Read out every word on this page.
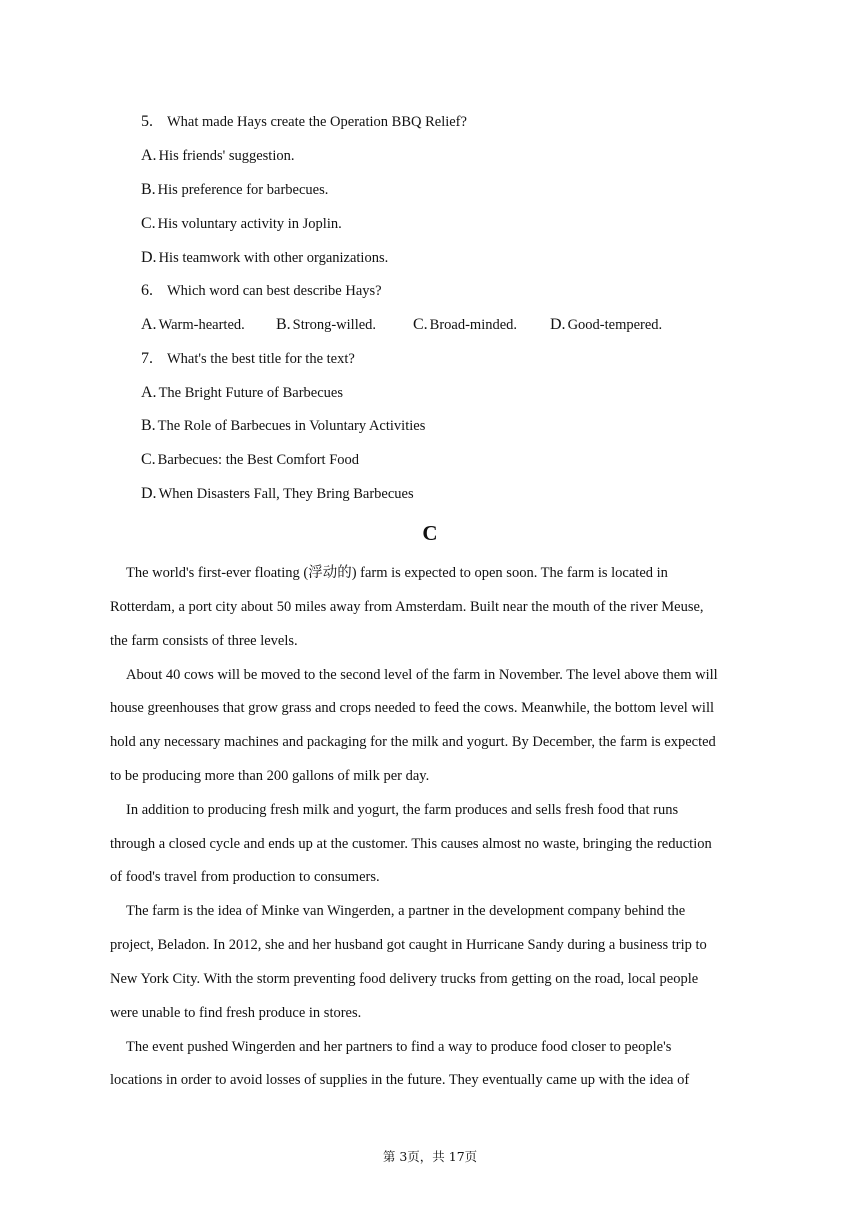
5. What made Hays create the Operation BBQ Relief?
A. His friends' suggestion.
B. His preference for barbecues.
C. His voluntary activity in Joplin.
D. His teamwork with other organizations.
6. Which word can best describe Hays?
A. Warm-hearted. B. Strong-willed. C. Broad-minded. D. Good-tempered.
7. What's the best title for the text?
A. The Bright Future of Barbecues
B. The Role of Barbecues in Voluntary Activities
C. Barbecues: the Best Comfort Food
D. When Disasters Fall, They Bring Barbecues
C
The world's first-ever floating (浮动的) farm is expected to open soon. The farm is located in
Rotterdam, a port city about 50 miles away from Amsterdam. Built near the mouth of the river Meuse,
the farm consists of three levels.
About 40 cows will be moved to the second level of the farm in November. The level above them will
house greenhouses that grow grass and crops needed to feed the cows. Meanwhile, the bottom level will
hold any necessary machines and packaging for the milk and yogurt. By December, the farm is expected
to be producing more than 200 gallons of milk per day.
In addition to producing fresh milk and yogurt, the farm produces and sells fresh food that runs
through a closed cycle and ends up at the customer. This causes almost no waste, bringing the reduction
of food's travel from production to consumers.
The farm is the idea of Minke van Wingerden, a partner in the development company behind the
project, Beladon. In 2012, she and her husband got caught in Hurricane Sandy during a business trip to
New York City. With the storm preventing food delivery trucks from getting on the road, local people
were unable to find fresh produce in stores.
The event pushed Wingerden and her partners to find a way to produce food closer to people's
locations in order to avoid losses of supplies in the future. They eventually came up with the idea of
第 3页，共 17页
